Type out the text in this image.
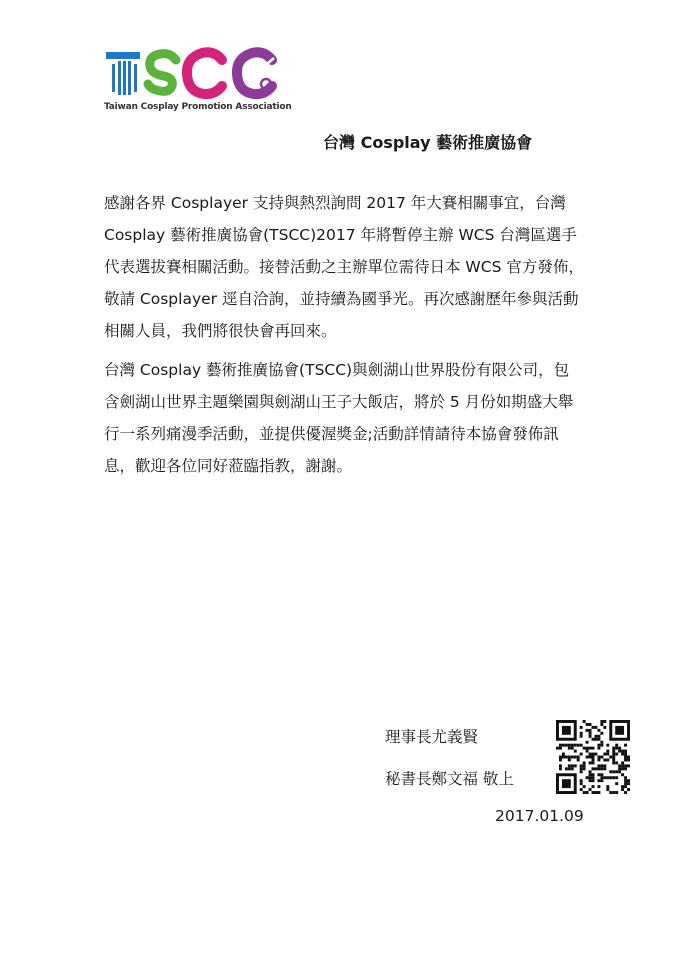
Taiwan Cosplay Promotion Association
台灣 Cosplay 藝術推廣協會

感謝各界 Cosplayer 支持與熱烈詢問 2017 年大賽相關事宜，台灣 Cosplay 藝術推廣協會(TSCC)2017 年將暫停主辦 WCS 台灣區選手代表選拔賽相關活動。接替活動之主辦單位需待日本 WCS 官方發佈，敬請 Cosplayer 逕自洽詢，並持續為國爭光。再次感謝歷年參與活動相關人員，我們將很快會再回來。

台灣 Cosplay 藝術推廣協會(TSCC)與劍湖山世界股份有限公司，包含劍湖山世界主題樂園與劍湖山王子大飯店，將於 5 月份如期盛大舉行一系列痛漫季活動，並提供優渥獎金;活動詳情請待本協會發佈訊息，歡迎各位同好蒞臨指教，謝謝。

理事長尤義賢
秘書長鄭文福 敬上
2017.01.09
